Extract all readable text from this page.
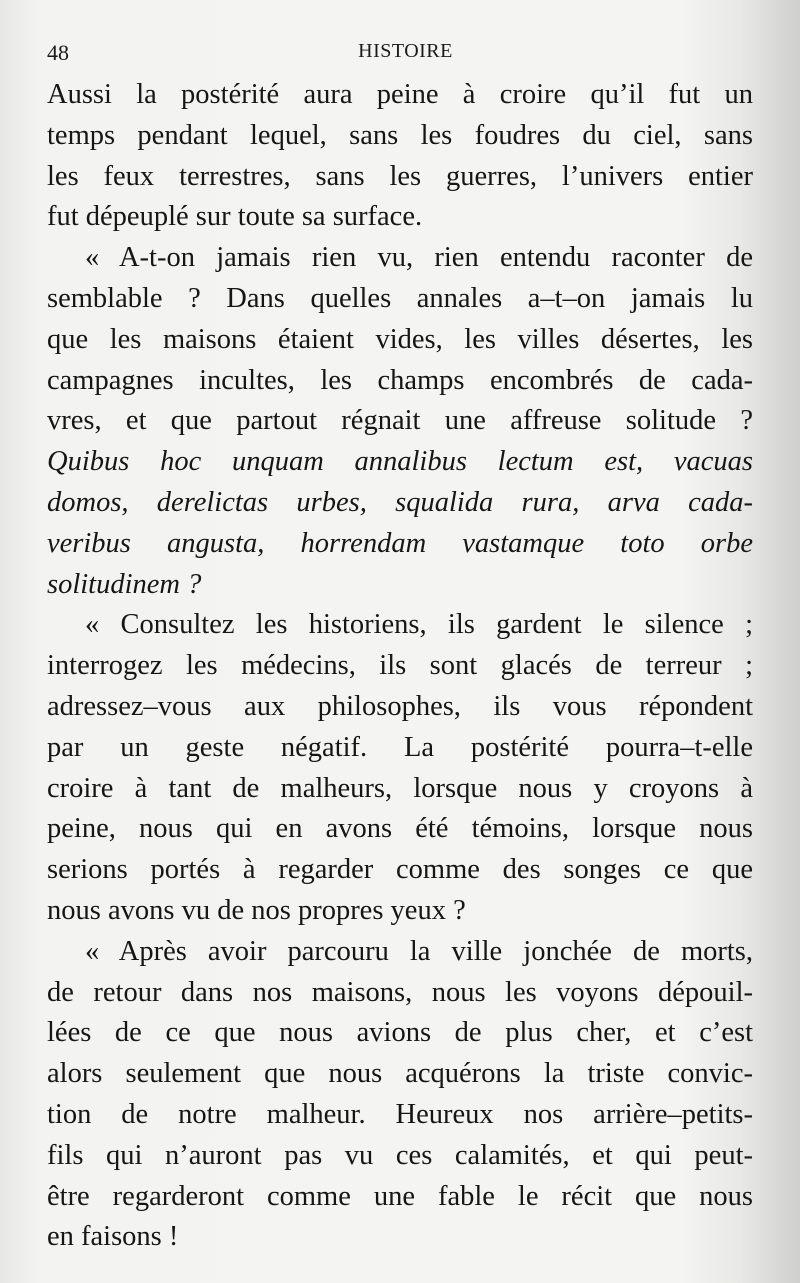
48	HISTOIRE
Aussi la postérité aura peine à croire qu’il fut un
temps pendant lequel, sans les foudres du ciel, sans
les feux terrestres, sans les guerres, l’univers entier
fut dépeuplé sur toute sa surface.
« A-t-on jamais rien vu, rien entendu raconter de
semblable ? Dans quelles annales a–t–on jamais lu
que les maisons étaient vides, les villes désertes, les
campagnes incultes, les champs encombrés de cada-
vres, et que partout régnait une affreuse solitude ?
Quibus hoc unquam annalibus lectum est, vacuas
domos, derelictas urbes, squalida rura, arva cada-
veribus angusta, horrendam vastamque toto orbe
solitudinem ?
« Consultez les historiens, ils gardent le silence ;
interrogez les médecins, ils sont glacés de terreur ;
adressez–vous aux philosophes, ils vous répondent
par un geste négatif. La postérité pourra–t-elle
croire à tant de malheurs, lorsque nous y croyons à
peine, nous qui en avons été témoins, lorsque nous
serions portés à regarder comme des songes ce que
nous avons vu de nos propres yeux ?
« Après avoir parcouru la ville jonchée de morts,
de retour dans nos maisons, nous les voyons dépouil-
lées de ce que nous avions de plus cher, et c’est
alors seulement que nous acquérons la triste convic-
tion de notre malheur. Heureux nos arrière–petits-
fils qui n’auront pas vu ces calamités, et qui peut-
être regarderont comme une fable le récit que nous
en faisons !
